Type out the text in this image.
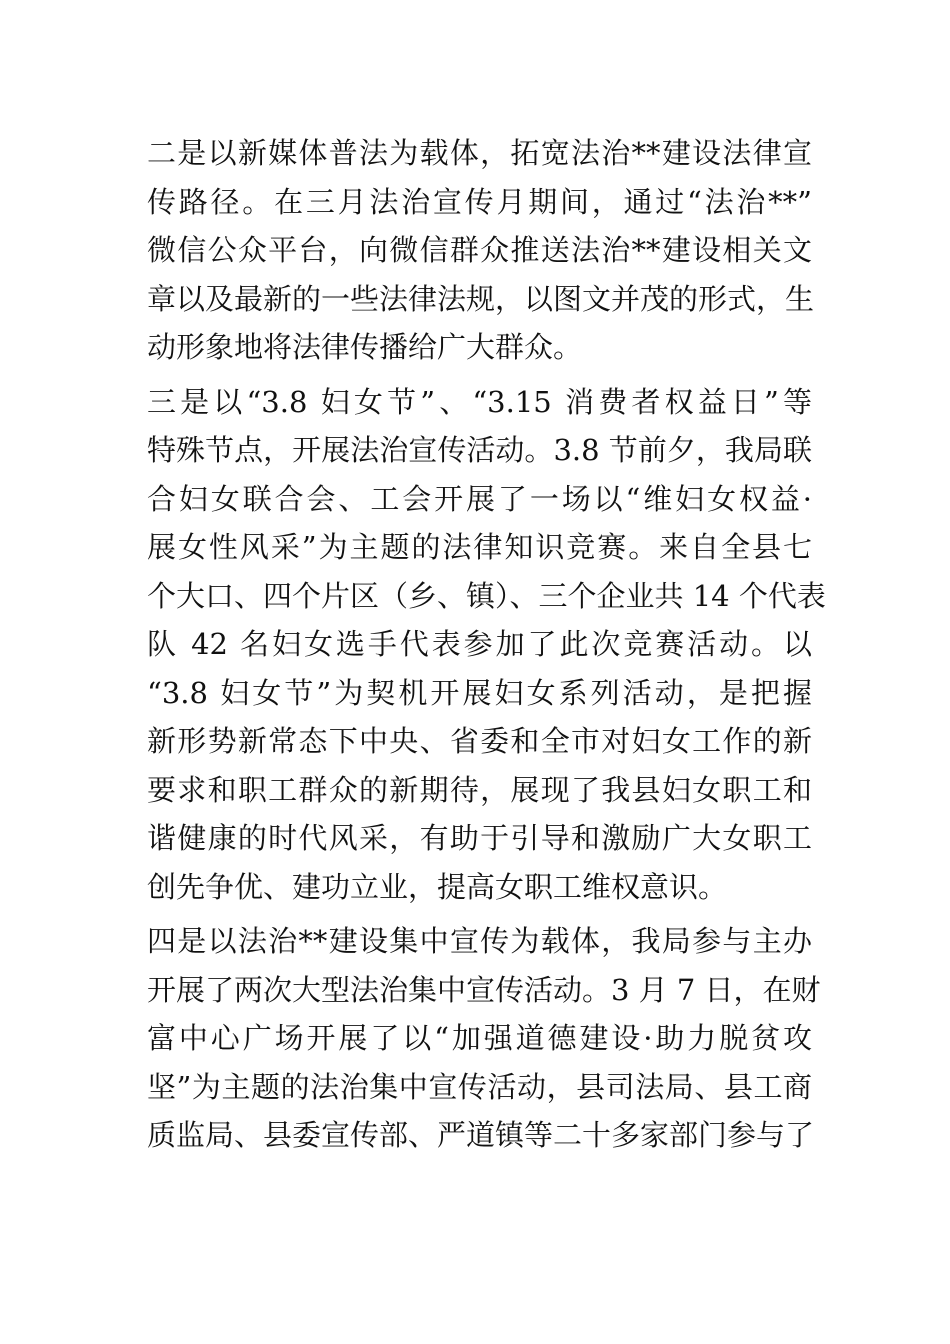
二是以新媒体普法为载体，拓宽法治**建设法律宣
传路径。在三月法治宣传月期间，通过“法治**”
微信公众平台，向微信群众推送法治**建设相关文
章以及最新的一些法律法规，以图文并茂的形式，生
动形象地将法律传播给广大群众。
三是以“3.8 妇女节”、“3.15 消费者权益日”等
特殊节点，开展法治宣传活动。3.8 节前夕，我局联
合妇女联合会、工会开展了一场以“维妇女权益·
展女性风采”为主题的法律知识竞赛。来自全县七
个大口、四个片区（乡、镇）、三个企业共 14 个代表
队 42 名妇女选手代表参加了此次竞赛活动。以
“3.8 妇女节”为契机开展妇女系列活动，是把握
新形势新常态下中央、省委和全市对妇女工作的新
要求和职工群众的新期待，展现了我县妇女职工和
谐健康的时代风采，有助于引导和激励广大女职工
创先争优、建功立业，提高女职工维权意识。
四是以法治**建设集中宣传为载体，我局参与主办
开展了两次大型法治集中宣传活动。3 月 7 日，在财
富中心广场开展了以“加强道德建设·助力脱贫攻
坚”为主题的法治集中宣传活动，县司法局、县工商
质监局、县委宣传部、严道镇等二十多家部门参与了
